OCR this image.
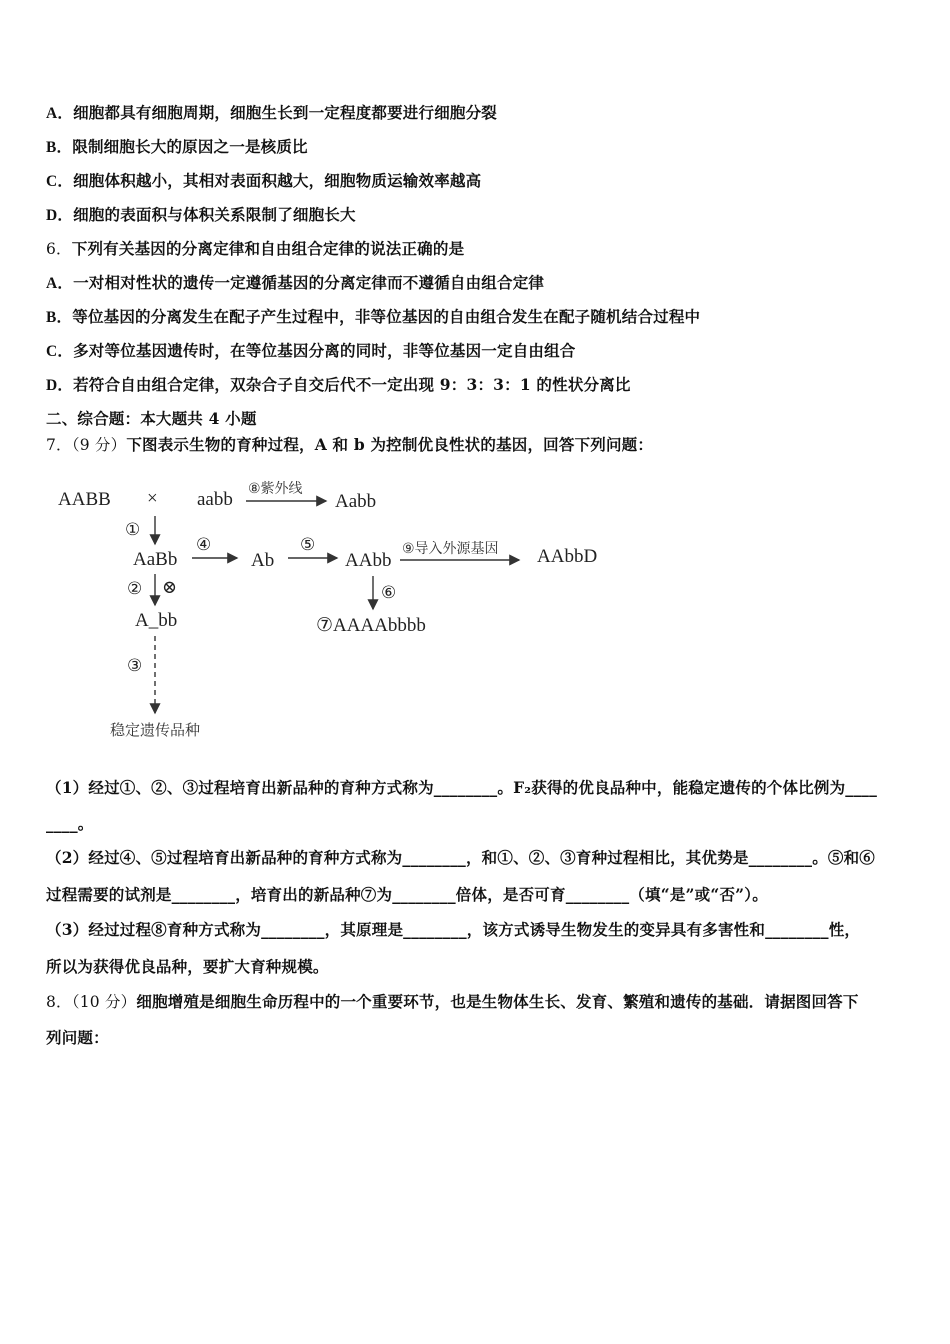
A．细胞都具有细胞周期，细胞生长到一定程度都要进行细胞分裂
B．限制细胞长大的原因之一是核质比
C．细胞体积越小，其相对表面积越大，细胞物质运输效率越高
D．细胞的表面积与体积关系限制了细胞长大
6．下列有关基因的分离定律和自由组合定律的说法正确的是
A．一对相对性状的遗传一定遵循基因的分离定律而不遵循自由组合定律
B．等位基因的分离发生在配子产生过程中，非等位基因的自由组合发生在配子随机结合过程中
C．多对等位基因遗传时，在等位基因分离的同时，非等位基因一定自由组合
D．若符合自由组合定律，双杂合子自交后代不一定出现 9：3：3：1 的性状分离比
二、综合题：本大题共 4 小题
7．（9 分）下图表示生物的育种过程，A 和 b 为控制优良性状的基因，回答下列问题：
AABB × aabb ⑧紫外线
Aabb
①
AaBb
④
Ab
⑤
AAbb
⑨导入外源基因 AAbbD
② ⊗	⑥
A_bb	⑦AAAAbbbb
③
稳定遗传品种
（1）经过①、②、③过程培育出新品种的育种方式称为________。F₂获得的优良品种中，能稳定遗传的个体比例为____
____。
（2）经过④、⑤过程培育出新品种的育种方式称为________，和①、②、③育种过程相比，其优势是________。⑤和⑥
过程需要的试剂是________，培育出的新品种⑦为________倍体，是否可育________（填“是”或“否”）。
（3）经过过程⑧育种方式称为________，其原理是________，该方式诱导生物发生的变异具有多害性和________性，
所以为获得优良品种，要扩大育种规模。
8．（10 分）细胞增殖是细胞生命历程中的一个重要环节，也是生物体生长、发育、繁殖和遗传的基础．请据图回答下
列问题：
